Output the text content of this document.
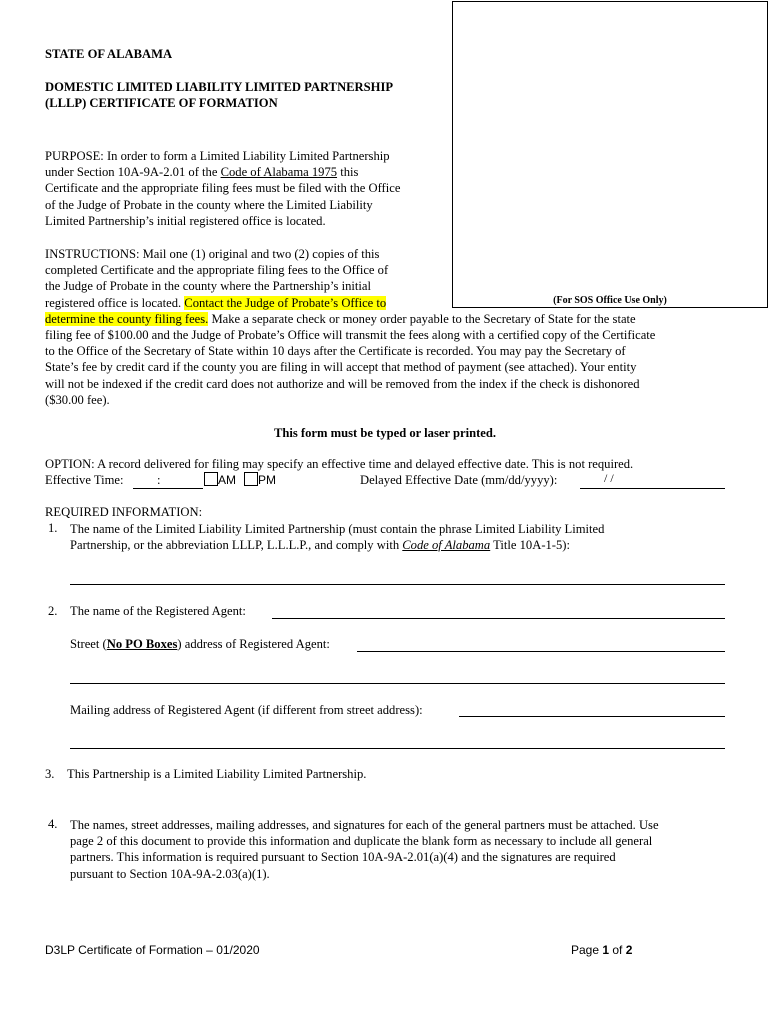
(For SOS Office Use Only)
STATE OF ALABAMA
DOMESTIC LIMITED LIABILITY LIMITED PARTNERSHIP
(LLLP) CERTIFICATE OF FORMATION
PURPOSE: In order to form a Limited Liability Limited Partnership
under Section 10A-9A-2.01 of the Code of Alabama 1975 this
Certificate and the appropriate filing fees must be filed with the Office
of the Judge of Probate in the county where the Limited Liability
Limited Partnership’s initial registered office is located.
INSTRUCTIONS: Mail one (1) original and two (2) copies of this
completed Certificate and the appropriate filing fees to the Office of
the Judge of Probate in the county where the Partnership’s initial
registered office is located. Contact the Judge of Probate’s Office to
determine the county filing fees. Make a separate check or money order payable to the Secretary of State for the state
filing fee of $100.00 and the Judge of Probate’s Office will transmit the fees along with a certified copy of the Certificate
to the Office of the Secretary of State within 10 days after the Certificate is recorded. You may pay the Secretary of
State’s fee by credit card if the county you are filing in will accept that method of payment (see attached). Your entity
will not be indexed if the credit card does not authorize and will be removed from the index if the check is dishonored
($30.00 fee).
This form must be typed or laser printed.
OPTION: A record delivered for filing may specify an effective time and delayed effective date. This is not required.
Effective Time:	:	AM	PM	Delayed Effective Date (mm/dd/yyyy):	/ /
REQUIRED INFORMATION:
1. The name of the Limited Liability Limited Partnership (must contain the phrase Limited Liability Limited
Partnership, or the abbreviation LLLP, L.L.L.P., and comply with Code of Alabama Title 10A-1-5):
2. The name of the Registered Agent:
Street (No PO Boxes) address of Registered Agent:
Mailing address of Registered Agent (if different from street address):
3. This Partnership is a Limited Liability Limited Partnership.
4. The names, street addresses, mailing addresses, and signatures for each of the general partners must be attached. Use
page 2 of this document to provide this information and duplicate the blank form as necessary to include all general
partners. This information is required pursuant to Section 10A-9A-2.01(a)(4) and the signatures are required
pursuant to Section 10A-9A-2.03(a)(1).
D3LP Certificate of Formation – 01/2020	Page 1 of 2
